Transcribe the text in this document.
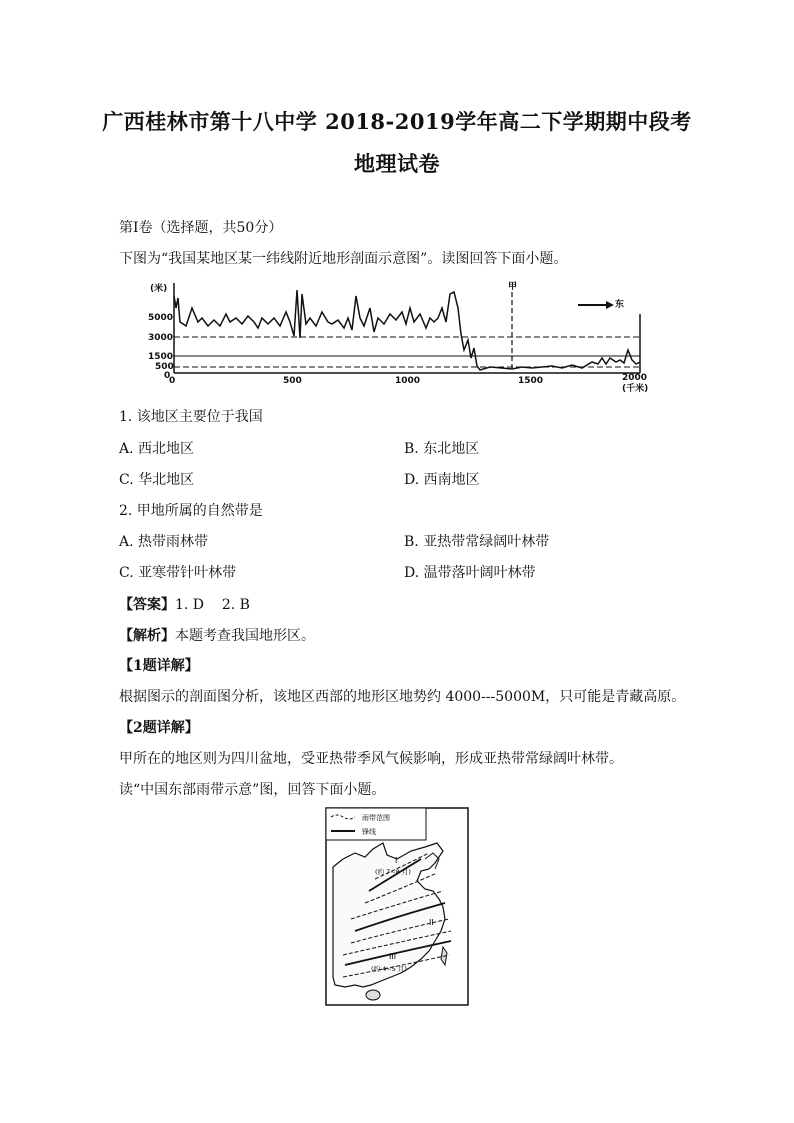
广西桂林市第十八中学 2018-2019学年高二下学期期中段考
地理试卷
第Ⅰ卷（选择题，共50分）
下图为“我国某地区某一纬线附近地形剖面示意图”。读图回答下面小题。
(米)
5000
3000
1500
500
0
0	500	1000	1500	2000
(千米)
甲
东
1. 该地区主要位于我国
A. 西北地区	B. 东北地区
C. 华北地区	D. 西南地区
2. 甲地所属的自然带是
A. 热带雨林带	B. 亚热带常绿阔叶林带
C. 亚寒带针叶林带	D. 温带落叶阔叶林带
【答案】1. D    2. B
【解析】本题考查我国地形区。
【1题详解】
根据图示的剖面图分析，该地区西部的地形区地势约 4000---5000M，只可能是青藏高原。
【2题详解】
甲所在的地区则为四川盆地，受亚热带季风气候影响，形成亚热带常绿阔叶林带。
读“中国东部雨带示意”图，回答下面小题。
雨带范围
锋线
I
(约 7~8 月)
II
III
(约 4~5 月)
